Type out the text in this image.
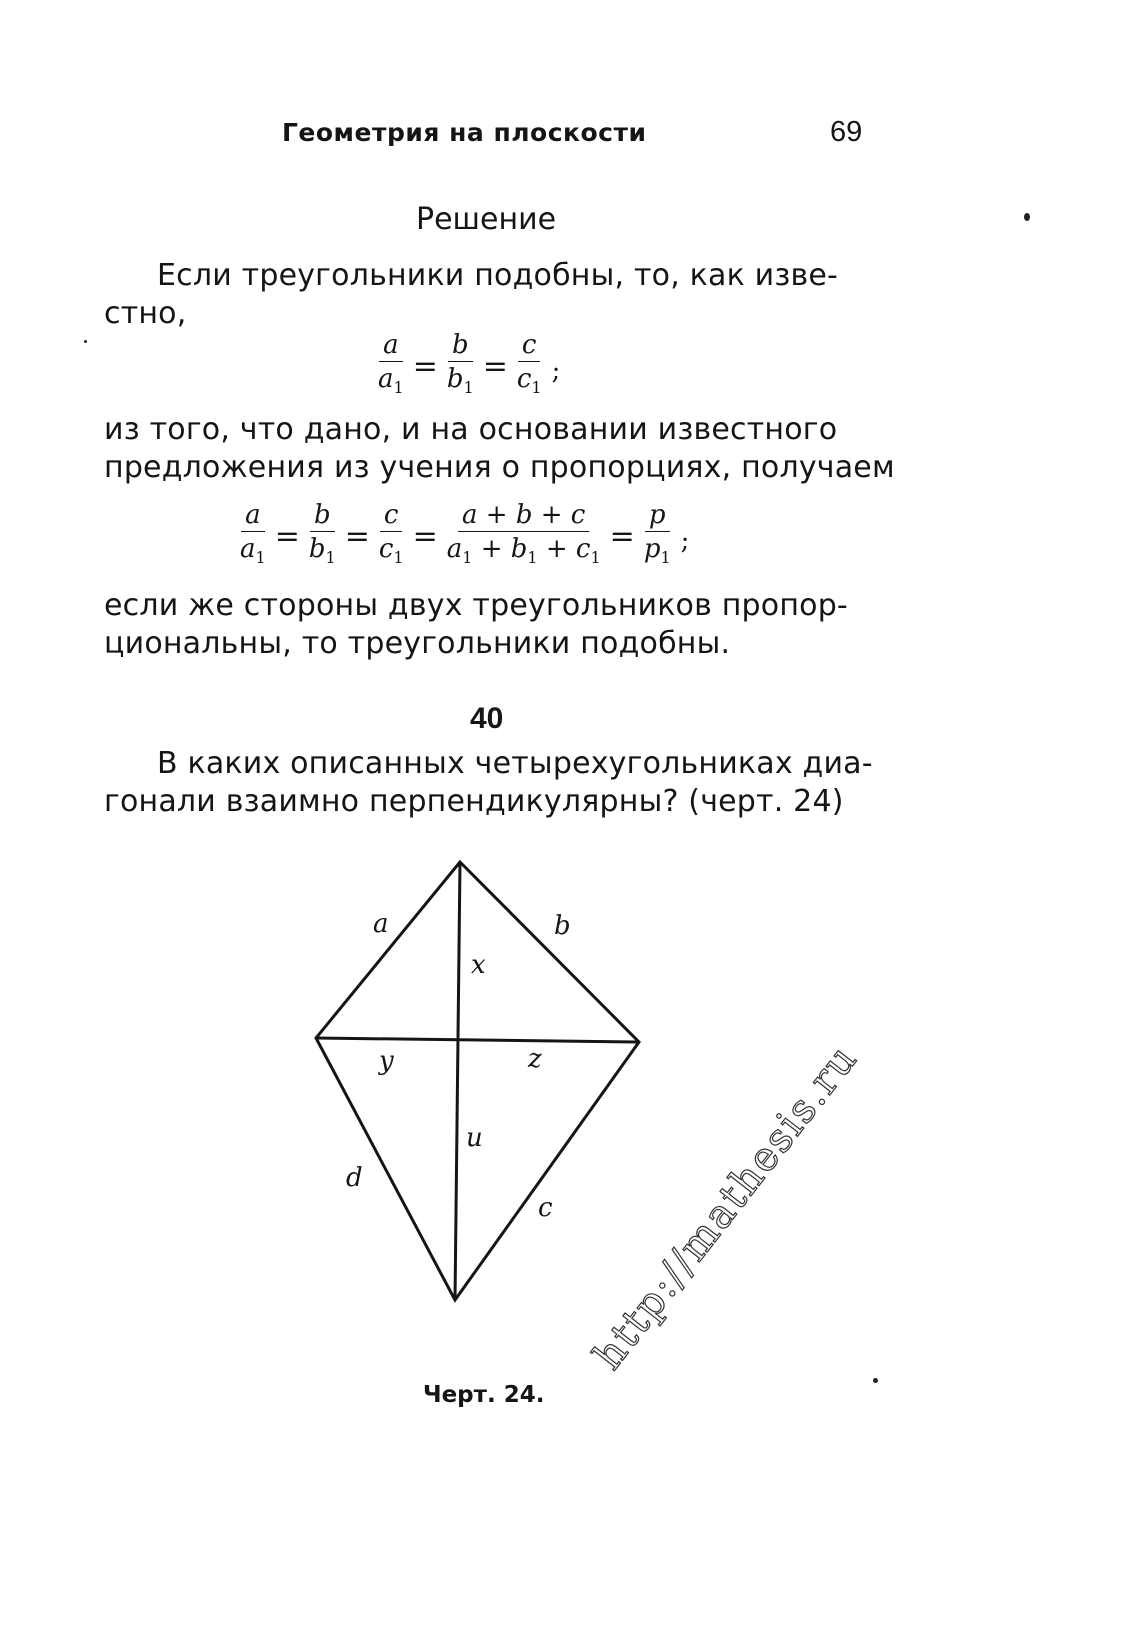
Геометрия на плоскости	69
Решение
Если треугольники подобны, то, как изве-
стно,
$\frac{a}{a_1} = \frac{b}{b_1} = \frac{c}{c_1}$ ;
из того, что дано, и на основании известного
предложения из учения о пропорциях, получаем
$\frac{a}{a_1} = \frac{b}{b_1} = \frac{c}{c_1} = \frac{a + b + c}{a_1 + b_1 + c_1} = \frac{p}{p_1}$ ;
если же стороны двух треугольников пропор-
циональны, то треугольники подобны.
40
В каких описанных четырехугольниках диа-
гонали взаимно перпендикулярны? (черт. 24)
a	b
x
y	z
u
d
c
Черт. 24.
http://mathesis.ru
